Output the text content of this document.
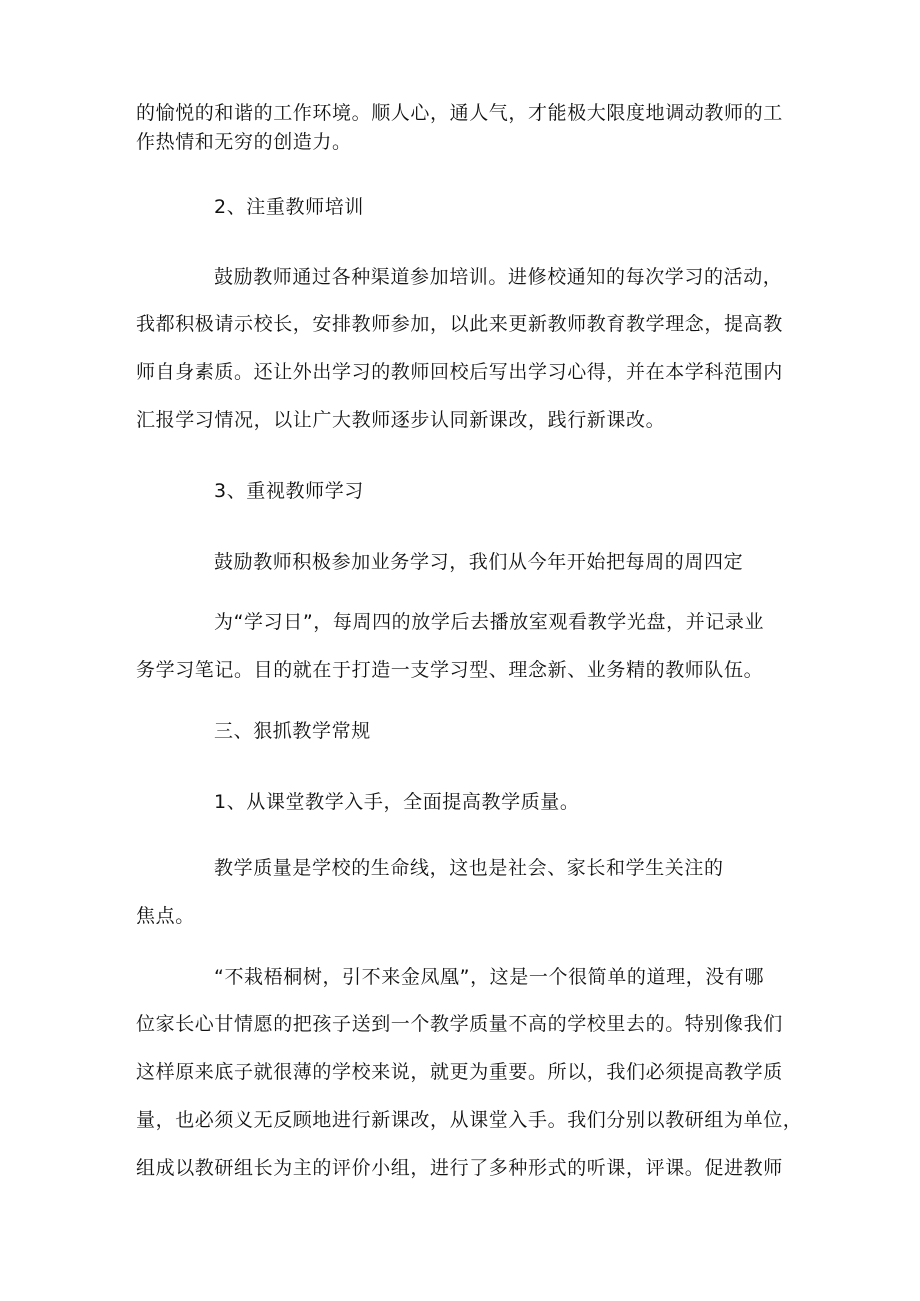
的愉悦的和谐的工作环境。顺人心，通人气，才能极大限度地调动教师的工
作热情和无穷的创造力。
2、注重教师培训
鼓励教师通过各种渠道参加培训。进修校通知的每次学习的活动，
我都积极请示校长，安排教师参加，以此来更新教师教育教学理念，提高教
师自身素质。还让外出学习的教师回校后写出学习心得，并在本学科范围内
汇报学习情况，以让广大教师逐步认同新课改，践行新课改。
3、重视教师学习
鼓励教师积极参加业务学习，我们从今年开始把每周的周四定
为“学习日”，每周四的放学后去播放室观看教学光盘，并记录业
务学习笔记。目的就在于打造一支学习型、理念新、业务精的教师队伍。
三、狠抓教学常规
1、从课堂教学入手，全面提高教学质量。
教学质量是学校的生命线，这也是社会、家长和学生关注的
焦点。
“不栽梧桐树，引不来金凤凰”，这是一个很简单的道理，没有哪
位家长心甘情愿的把孩子送到一个教学质量不高的学校里去的。特别像我们
这样原来底子就很薄的学校来说，就更为重要。所以，我们必须提高教学质
量，也必须义无反顾地进行新课改，从课堂入手。我们分别以教研组为单位，
组成以教研组长为主的评价小组，进行了多种形式的听课，评课。促进教师
